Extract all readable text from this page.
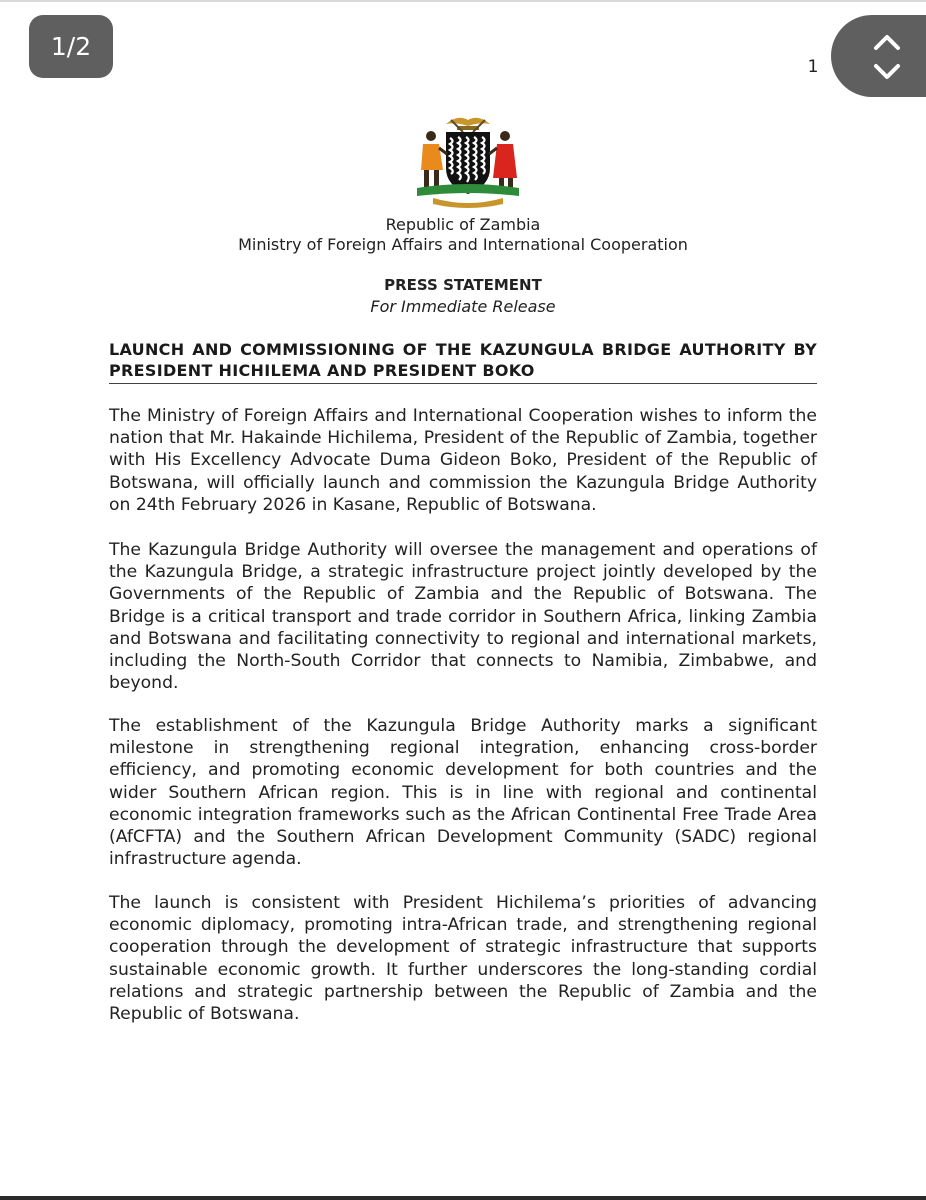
1/2
1
Republic of Zambia
Ministry of Foreign Affairs and International Cooperation
PRESS STATEMENT
For Immediate Release
LAUNCH AND COMMISSIONING OF THE KAZUNGULA BRIDGE AUTHORITY BY PRESIDENT HICHILEMA AND PRESIDENT BOKO
The Ministry of Foreign Affairs and International Cooperation wishes to inform the nation that Mr. Hakainde Hichilema, President of the Republic of Zambia, together with His Excellency Advocate Duma Gideon Boko, President of the Republic of Botswana, will officially launch and commission the Kazungula Bridge Authority on 24th February 2026 in Kasane, Republic of Botswana.
The Kazungula Bridge Authority will oversee the management and operations of the Kazungula Bridge, a strategic infrastructure project jointly developed by the Governments of the Republic of Zambia and the Republic of Botswana. The Bridge is a critical transport and trade corridor in Southern Africa, linking Zambia and Botswana and facilitating connectivity to regional and international markets, including the North-South Corridor that connects to Namibia, Zimbabwe, and beyond.
The establishment of the Kazungula Bridge Authority marks a significant milestone in strengthening regional integration, enhancing cross-border efficiency, and promoting economic development for both countries and the wider Southern African region. This is in line with regional and continental economic integration frameworks such as the African Continental Free Trade Area (AfCFTA) and the Southern African Development Community (SADC) regional infrastructure agenda.
The launch is consistent with President Hichilema’s priorities of advancing economic diplomacy, promoting intra-African trade, and strengthening regional cooperation through the development of strategic infrastructure that supports sustainable economic growth. It further underscores the long-standing cordial relations and strategic partnership between the Republic of Zambia and the Republic of Botswana.
